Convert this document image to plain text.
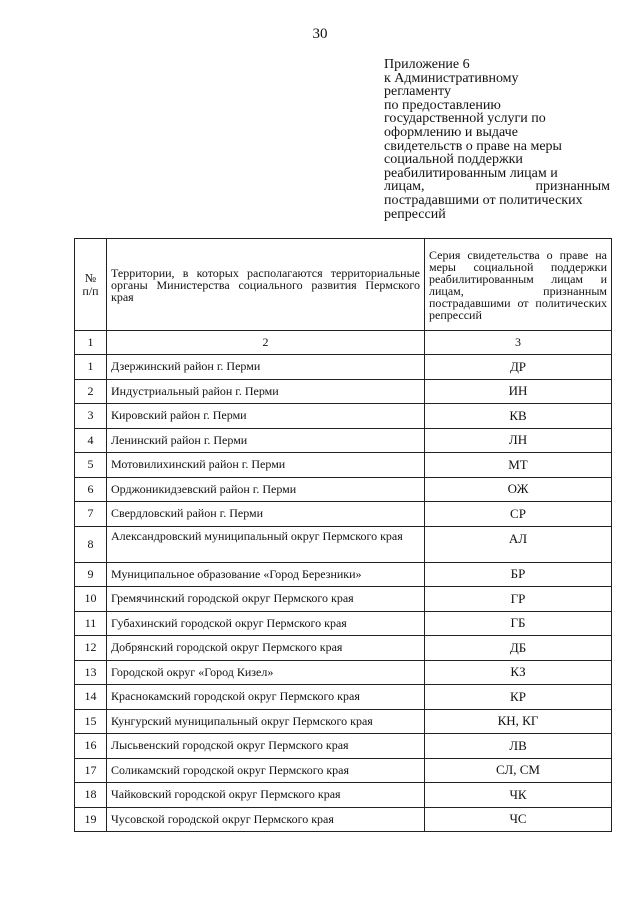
30
Приложение 6
к Административному
регламенту
по предоставлению
государственной услуги по
оформлению и выдаче
свидетельств о праве на меры
социальной поддержки
реабилитированным лицам и
лицам, признанным
пострадавшими от политических
репрессий
№ п/п	Территории, в которых располагаются территориальные органы Министерства социального развития Пермского края	Серия свидетельства о праве на меры социальной поддержки реабилитированным лицам и лицам, признанным пострадавшими от политических репрессий
1	2	3
1	Дзержинский район г. Перми	ДР
2	Индустриальный район г. Перми	ИН
3	Кировский район г. Перми	КВ
4	Ленинский район г. Перми	ЛН
5	Мотовилихинский район г. Перми	МТ
6	Орджоникидзевский район г. Перми	ОЖ
7	Свердловский район г. Перми	СР
8	Александровский муниципальный округ Пермского края	АЛ
9	Муниципальное образование «Город Березники»	БР
10	Гремячинский городской округ Пермского края	ГР
11	Губахинский городской округ Пермского края	ГБ
12	Добрянский городской округ Пермского края	ДБ
13	Городской округ «Город Кизел»	КЗ
14	Краснокамский городской округ Пермского края	КР
15	Кунгурский муниципальный округ Пермского края	КН, КГ
16	Лысьвенский городской округ Пермского края	ЛВ
17	Соликамский городской округ Пермского края	СЛ, СМ
18	Чайковский городской округ Пермского края	ЧК
19	Чусовской городской округ Пермского края	ЧС
